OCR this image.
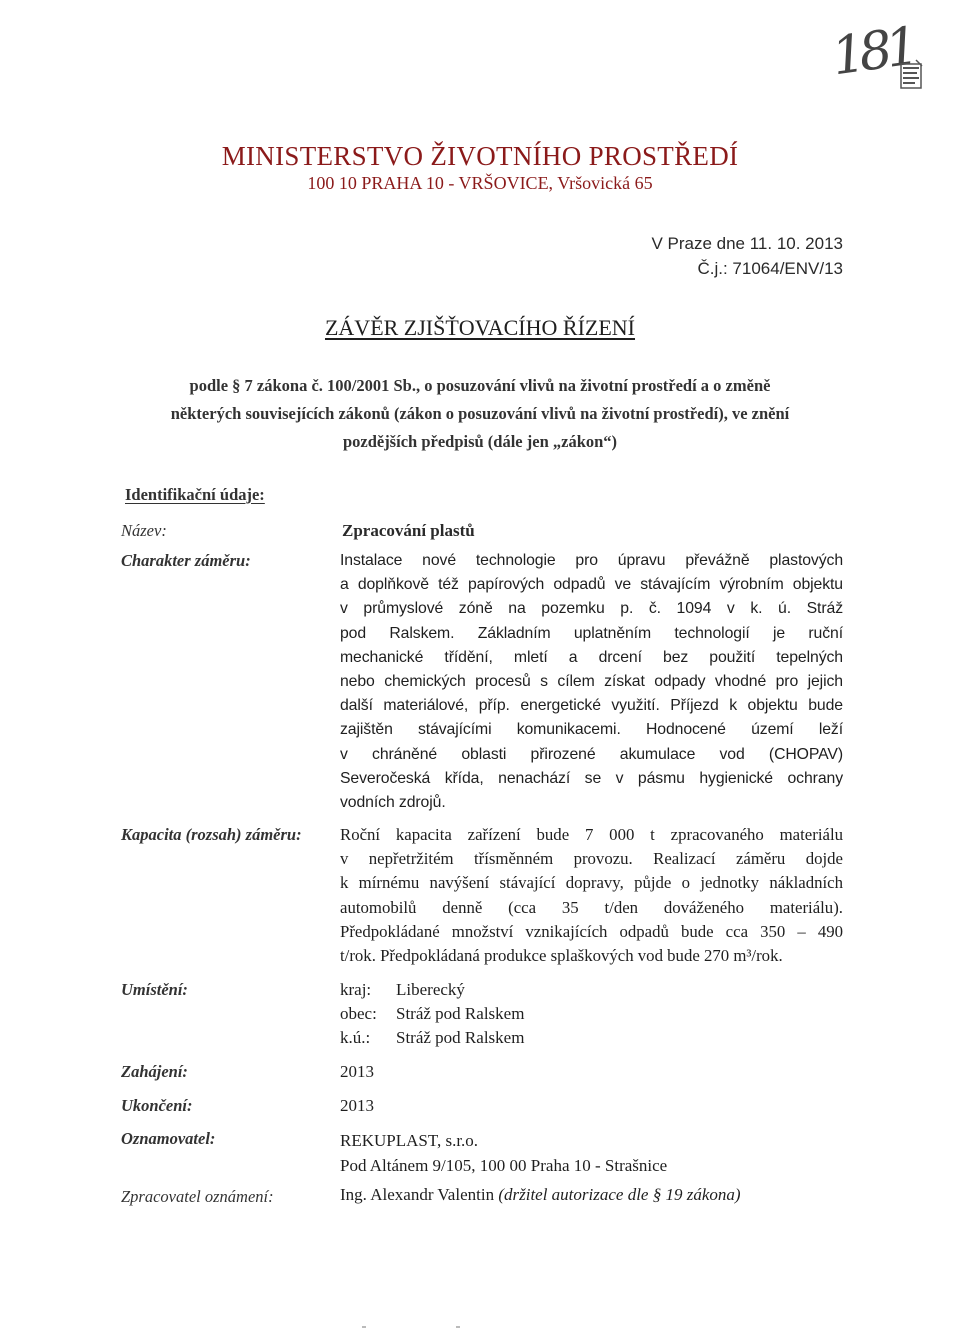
181
MINISTERSTVO ŽIVOTNÍHO PROSTŘEDÍ
100 10 PRAHA 10 - VRŠOVICE, Vršovická 65
V Praze dne 11. 10. 2013
Č.j.: 71064/ENV/13
ZÁVĚR ZJIŠŤOVACÍHO ŘÍZENÍ
podle § 7 zákona č. 100/2001 Sb., o posuzování vlivů na životní prostředí a o změně
některých souvisejících zákonů (zákon o posuzování vlivů na životní prostředí), ve znění
pozdějších předpisů (dále jen „zákon“)
Identifikační údaje:
Název:	Zpracování plastů
Charakter záměru:	Instalace nové technologie pro úpravu převážně plastových
a doplňkově též papírových odpadů ve stávajícím výrobním objektu
v průmyslové zóně na pozemku p. č. 1094 v k. ú. Stráž
pod Ralskem. Základním uplatněním technologií je ruční
mechanické třídění, mletí a drcení bez použití tepelných
nebo chemických procesů s cílem získat odpady vhodné pro jejich
další materiálové, příp. energetické využití. Příjezd k objektu bude
zajištěn stávajícími komunikacemi. Hodnocené území leží
v chráněné oblasti přirozené akumulace vod (CHOPAV)
Severočeská křída, nenachází se v pásmu hygienické ochrany
vodních zdrojů.
Kapacita (rozsah) záměru: Roční kapacita zařízení bude 7 000 t zpracovaného materiálu
v nepřetržitém třísměnném provozu. Realizací záměru dojde
k mírnému navýšení stávající dopravy, půjde o jednotky nákladních
automobilů denně (cca 35 t/den dováženého materiálu).
Předpokládané množství vznikajících odpadů bude cca 350 – 490
t/rok. Předpokládaná produkce splaškových vod bude 270 m³/rok.
Umístění:	kraj:	Liberecký
obec:	Stráž pod Ralskem
k.ú.:	Stráž pod Ralskem
Zahájení:	2013
Ukončení:	2013
Oznamovatel:	REKUPLAST, s.r.o.
Pod Altánem 9/105, 100 00 Praha 10 - Strašnice
Zpracovatel oznámení:	Ing. Alexandr Valentin (držitel autorizace dle § 19 zákona)
